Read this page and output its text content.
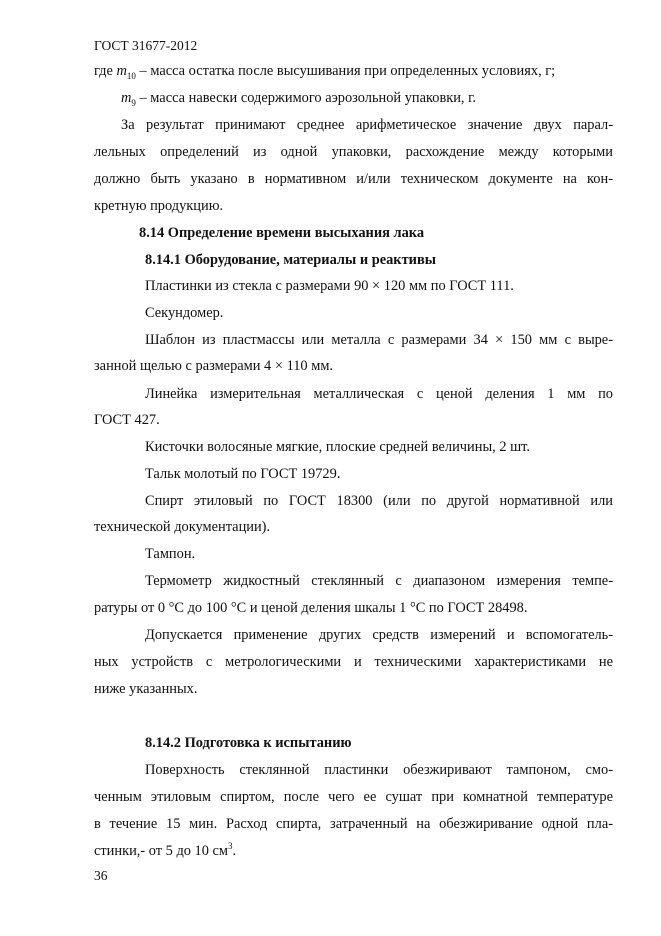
ГОСТ 31677-2012
где $m_{10}$ – масса остатка после высушивания при определенных условиях, г;
$m_9$ – масса навески содержимого аэрозольной упаковки, г.
За результат принимают среднее арифметическое значение двух парал-
лельных определений из одной упаковки, расхождение между которыми
должно быть указано в нормативном и/или техническом документе на кон-
кретную продукцию.
8.14 Определение времени высыхания лака
8.14.1 Оборудование, материалы и реактивы
Пластинки из стекла с размерами 90 × 120 мм по ГОСТ 111.
Секундомер.
Шаблон из пластмассы или металла с размерами 34 × 150 мм с выре-
занной щелью с размерами 4 × 110 мм.
Линейка измерительная металлическая с ценой деления 1 мм по
ГОСТ 427.
Кисточки волосяные мягкие, плоские средней величины, 2 шт.
Тальк молотый по ГОСТ 19729.
Спирт этиловый по ГОСТ 18300 (или по другой нормативной или
технической документации).
Тампон.
Термометр жидкостный стеклянный с диапазоном измерения темпе-
ратуры от 0 °С до 100 °С и ценой деления шкалы 1 °С по ГОСТ 28498.
Допускается применение других средств измерений и вспомогатель-
ных устройств с метрологическими и техническими характеристиками не
ниже указанных.
8.14.2 Подготовка к испытанию
Поверхность стеклянной пластинки обезжиривают тампоном, смо-
ченным этиловым спиртом, после чего ее сушат при комнатной температуре
в течение 15 мин. Расход спирта, затраченный на обезжиривание одной пла-
стинки,- от 5 до 10 $см^3$.
36
